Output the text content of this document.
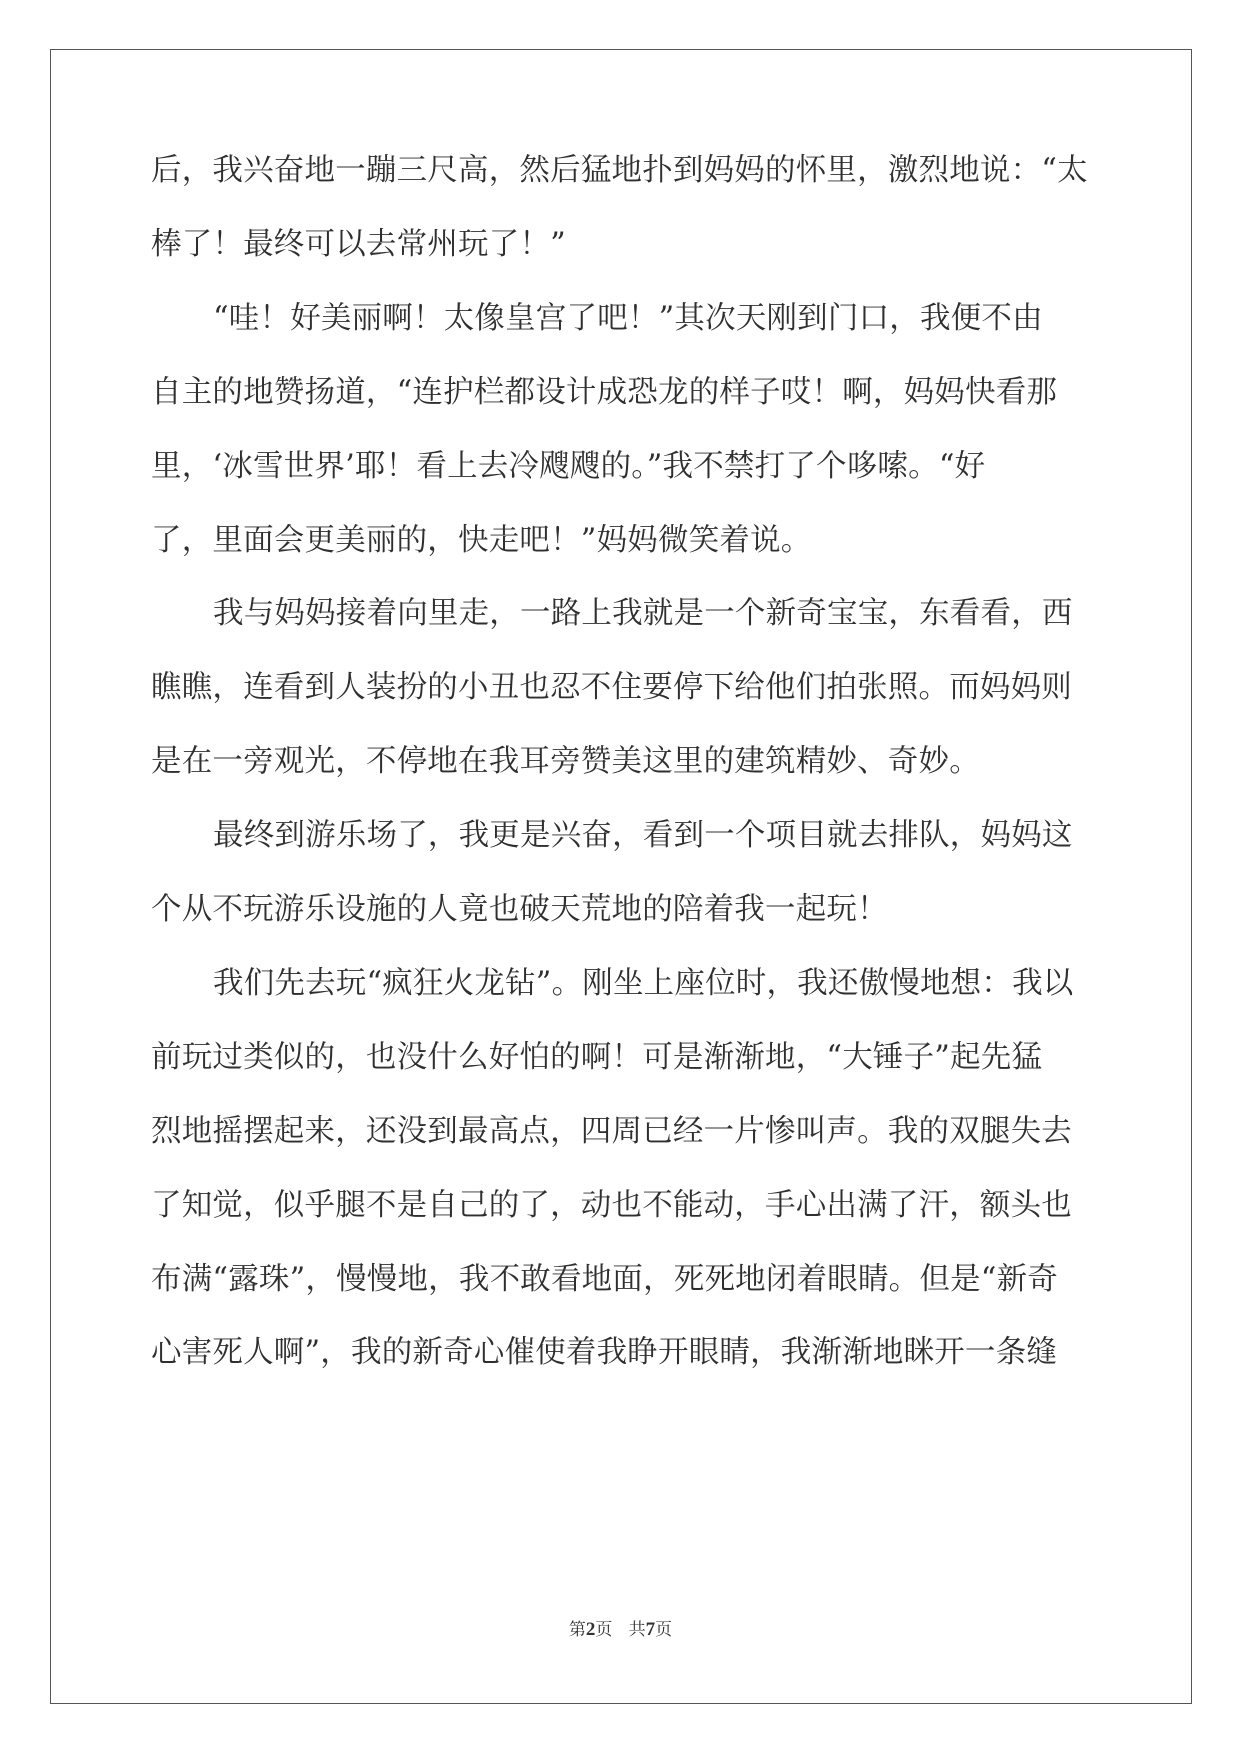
后，我兴奋地一蹦三尺高，然后猛地扑到妈妈的怀里，激烈地说：“太
棒了！最终可以去常州玩了！”
“哇！好美丽啊！太像皇宫了吧！”其次天刚到门口，我便不由
自主的地赞扬道，“连护栏都设计成恐龙的样子哎！啊，妈妈快看那
里，‘冰雪世界’耶！看上去冷飕飕的。”我不禁打了个哆嗦。“好
了，里面会更美丽的，快走吧！”妈妈微笑着说。
我与妈妈接着向里走，一路上我就是一个新奇宝宝，东看看，西
瞧瞧，连看到人装扮的小丑也忍不住要停下给他们拍张照。而妈妈则
是在一旁观光，不停地在我耳旁赞美这里的建筑精妙、奇妙。
最终到游乐场了，我更是兴奋，看到一个项目就去排队，妈妈这
个从不玩游乐设施的人竟也破天荒地的陪着我一起玩！
我们先去玩“疯狂火龙钻”。刚坐上座位时，我还傲慢地想：我以
前玩过类似的，也没什么好怕的啊！可是渐渐地，“大锤子”起先猛
烈地摇摆起来，还没到最高点，四周已经一片惨叫声。我的双腿失去
了知觉，似乎腿不是自己的了，动也不能动，手心出满了汗，额头也
布满“露珠”，慢慢地，我不敢看地面，死死地闭着眼睛。但是“新奇
心害死人啊”，我的新奇心催使着我睁开眼睛，我渐渐地眯开一条缝
第2页 共7页
